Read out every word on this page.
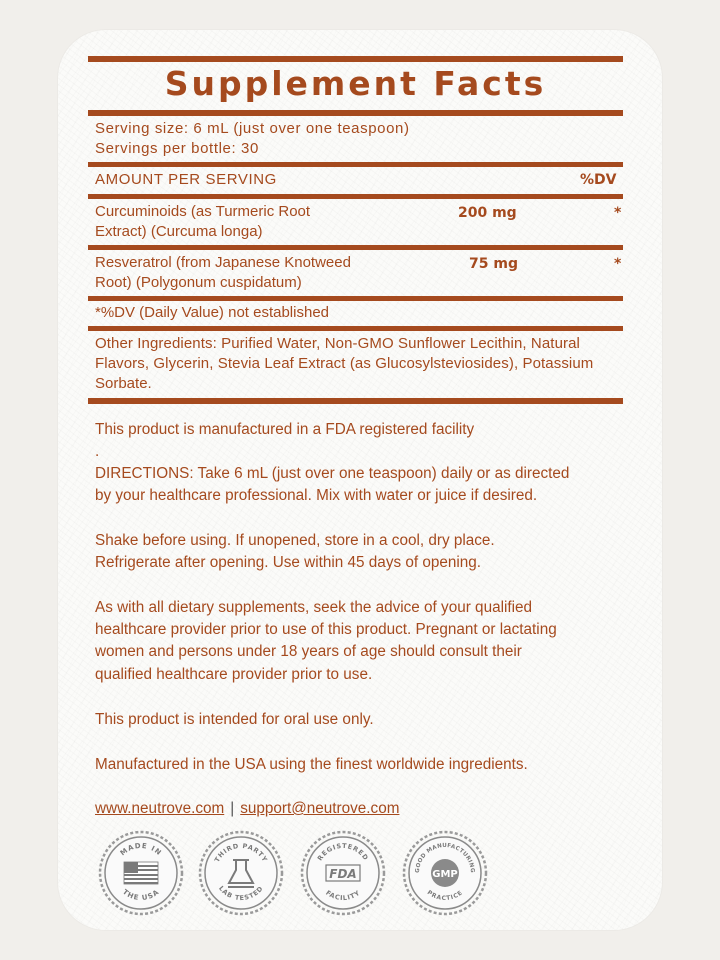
Supplement Facts
Serving size: 6 mL (just over one teaspoon)
Servings per bottle: 30
AMOUNT PER SERVING	%DV
Curcuminoids (as Turmeric Root
Extract) (Curcuma longa)
200 mg	*
Resveratrol (from Japanese Knotweed
Root) (Polygonum cuspidatum)
75 mg	*
*%DV (Daily Value) not established
Other Ingredients: Purified Water, Non-GMO Sunflower Lecithin, Natural
Flavors, Glycerin, Stevia Leaf Extract (as Glucosylsteviosides), Potassium
Sorbate.
This product is manufactured in a FDA registered facility
.
DIRECTIONS: Take 6 mL (just over one teaspoon) daily or as directed
by your healthcare professional. Mix with water or juice if desired.
Shake before using. If unopened, store in a cool, dry place.
Refrigerate after opening. Use within 45 days of opening.
As with all dietary supplements, seek the advice of your qualified
healthcare provider prior to use of this product. Pregnant or lactating
women and persons under 18 years of age should consult their
qualified healthcare provider prior to use.
This product is intended for oral use only.
Manufactured in the USA using the finest worldwide ingredients.
www.neutrove.com | support@neutrove.com
MADE IN
THE USA
THIRD PARTY
LAB TESTED
REGISTERED
FACILITY
FDA	GOOD MANUFACTURING
PRACTICE
GMP
